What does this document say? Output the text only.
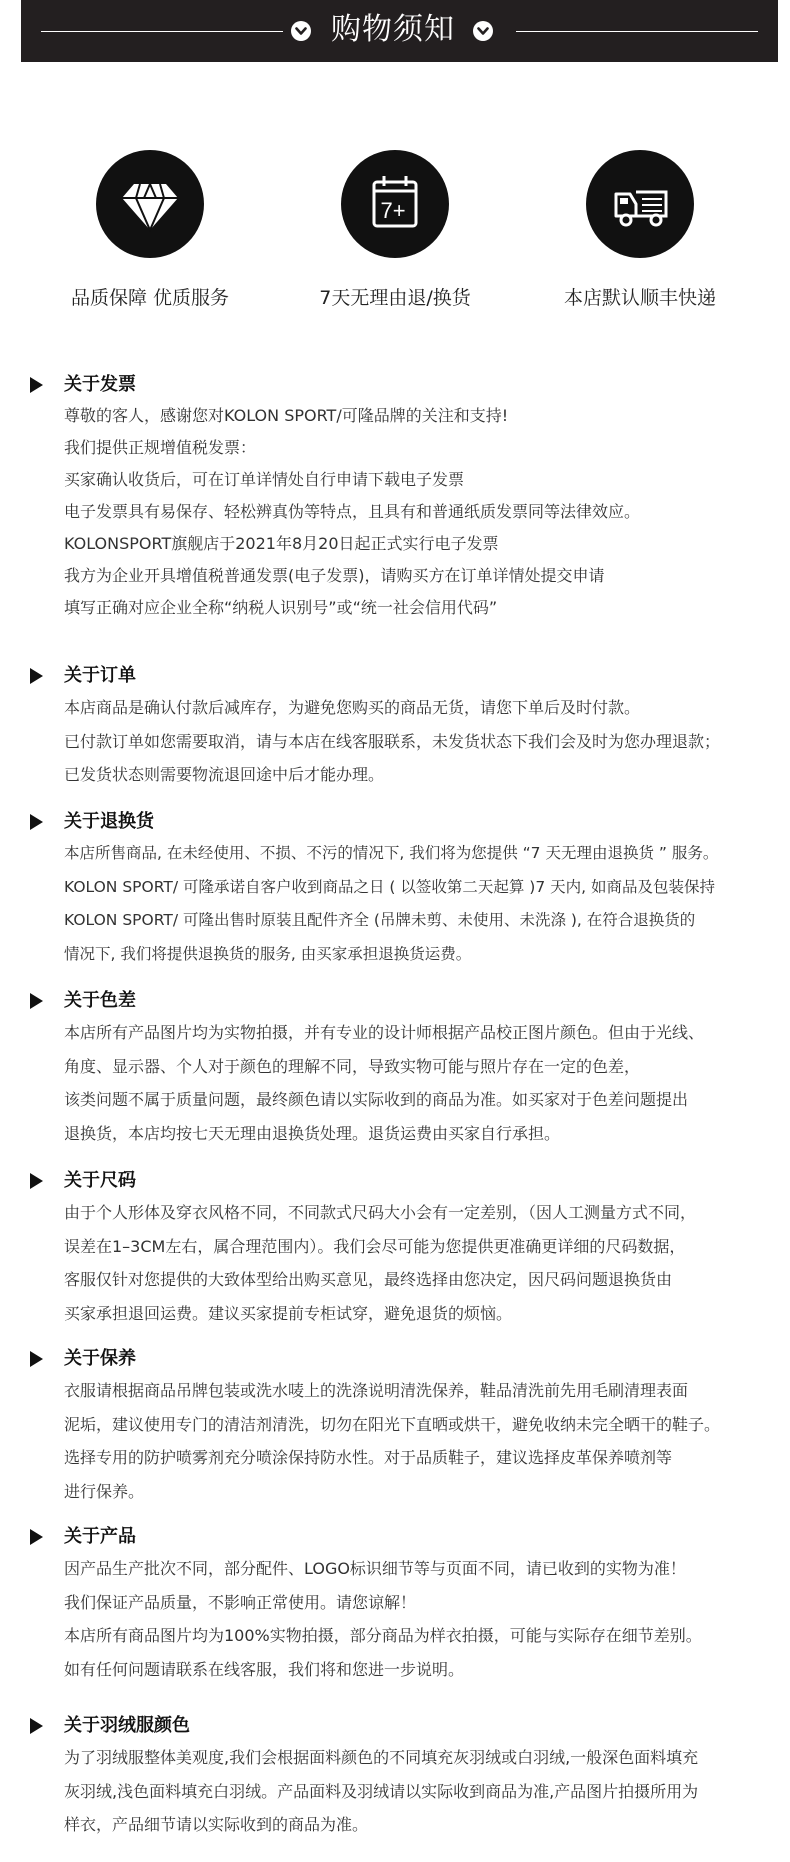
购物须知
品质保障 优质服务
7+
7天无理由退/换货	本店默认顺丰快递
关于发票
尊敬的客人，感谢您对KOLON SPORT/可隆品牌的关注和支持!
我们提供正规增值税发票：
买家确认收货后，可在订单详情处自行申请下载电子发票
电子发票具有易保存、轻松辨真伪等特点，且具有和普通纸质发票同等法律效应。
KOLONSPORT旗舰店于2021年8月20日起正式实行电子发票
我方为企业开具增值税普通发票(电子发票)，请购买方在订单详情处提交申请
填写正确对应企业全称“纳税人识别号”或“统一社会信用代码”
关于订单
本店商品是确认付款后减库存，为避免您购买的商品无货，请您下单后及时付款。
已付款订单如您需要取消，请与本店在线客服联系，未发货状态下我们会及时为您办理退款；
已发货状态则需要物流退回途中后才能办理。
关于退换货
本店所售商品, 在未经使用、不损、不污的情况下, 我们将为您提供 “7 天无理由退换货 ” 服务。
KOLON SPORT/ 可隆承诺自客户收到商品之日 ( 以签收第二天起算 )7 天内, 如商品及包装保持
KOLON SPORT/ 可隆出售时原装且配件齐全 (吊牌未剪、未使用、未洗涤 ), 在符合退换货的
情况下, 我们将提供退换货的服务, 由买家承担退换货运费。
关于色差
本店所有产品图片均为实物拍摄，并有专业的设计师根据产品校正图片颜色。但由于光线、
角度、显示器、个人对于颜色的理解不同，导致实物可能与照片存在一定的色差，
该类问题不属于质量问题，最终颜色请以实际收到的商品为准。如买家对于色差问题提出
退换货，本店均按七天无理由退换货处理。退货运费由买家自行承担。
关于尺码
由于个人形体及穿衣风格不同，不同款式尺码大小会有一定差别，（因人工测量方式不同，
误差在1–3CM左右，属合理范围内）。我们会尽可能为您提供更准确更详细的尺码数据，
客服仅针对您提供的大致体型给出购买意见，最终选择由您决定，因尺码问题退换货由
买家承担退回运费。建议买家提前专柜试穿，避免退货的烦恼。
关于保养
衣服请根据商品吊牌包装或洗水唛上的洗涤说明清洗保养，鞋品清洗前先用毛刷清理表面
泥垢，建议使用专门的清洁剂清洗，切勿在阳光下直晒或烘干，避免收纳未完全晒干的鞋子。
选择专用的防护喷雾剂充分喷涂保持防水性。对于品质鞋子，建议选择皮革保养喷剂等
进行保养。
关于产品
因产品生产批次不同，部分配件、LOGO标识细节等与页面不同，请已收到的实物为准！
我们保证产品质量，不影响正常使用。请您谅解！
本店所有商品图片均为100%实物拍摄，部分商品为样衣拍摄，可能与实际存在细节差别。
如有任何问题请联系在线客服，我们将和您进一步说明。
关于羽绒服颜色
为了羽绒服整体美观度,我们会根据面料颜色的不同填充灰羽绒或白羽绒,一般深色面料填充
灰羽绒,浅色面料填充白羽绒。产品面料及羽绒请以实际收到商品为准,产品图片拍摄所用为
样衣，产品细节请以实际收到的商品为准。
